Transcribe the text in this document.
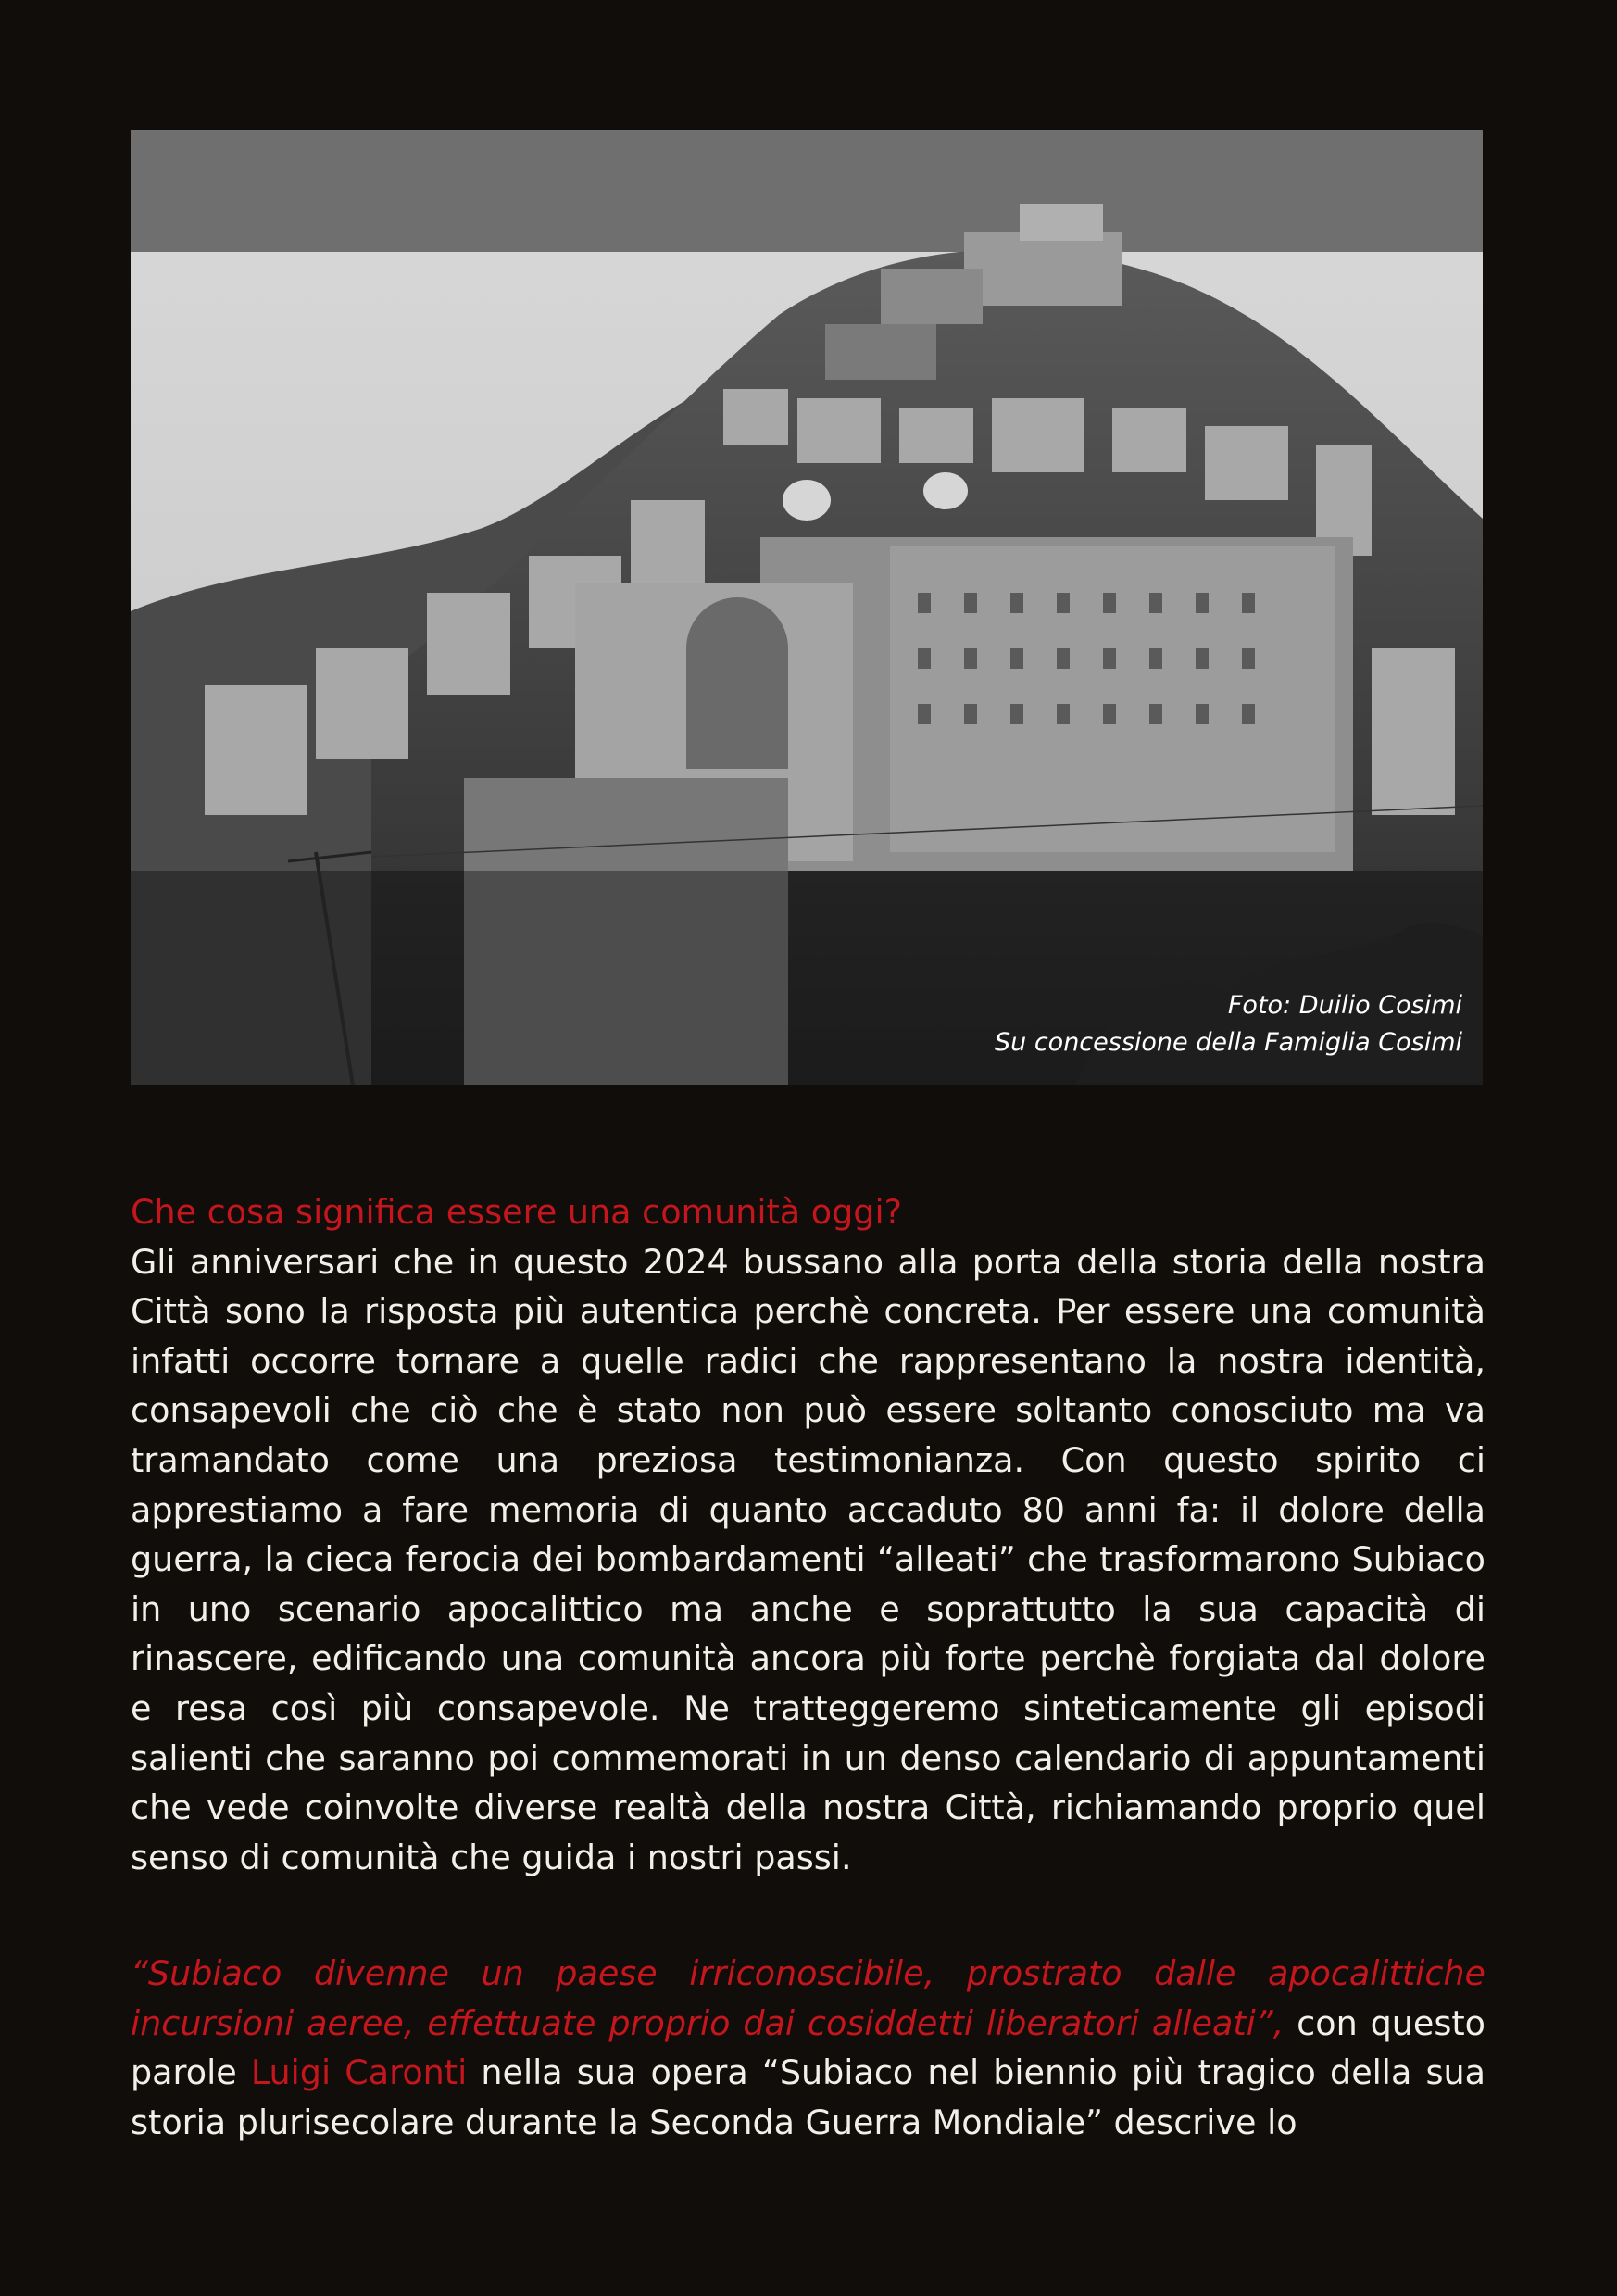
Foto: Duilio Cosimi
Su concessione della Famiglia Cosimi
Che cosa significa essere una comunità oggi?

Gli anniversari che in questo 2024 bussano alla porta della storia della nostra Città sono la risposta più autentica perchè concreta. Per essere una comunità infatti occorre tornare a quelle radici che rappresentano la nostra identità, consapevoli che ciò che è stato non può essere soltanto conosciuto ma va tramandato come una preziosa testimonianza. Con questo spirito ci apprestiamo a fare memoria di quanto accaduto 80 anni fa: il dolore della guerra, la cieca ferocia dei bombardamenti “alleati” che trasformarono Subiaco in uno scenario apocalittico ma anche e soprattutto la sua capacità di rinascere, edificando una comunità ancora più forte perchè forgiata dal dolore e resa così più consapevole. Ne tratteggeremo sinteticamente gli episodi salienti che saranno poi commemorati in un denso calendario di appuntamenti che vede coinvolte diverse realtà della nostra Città, richiamando proprio quel senso di comunità che guida i nostri passi.

“Subiaco divenne un paese irriconoscibile, prostrato dalle apocalittiche incursioni aeree, effettuate proprio dai cosiddetti liberatori alleati”, con questo parole Luigi Caronti nella sua opera “Subiaco nel biennio più tragico della sua storia plurisecolare durante la Seconda Guerra Mondiale” descrive lo
